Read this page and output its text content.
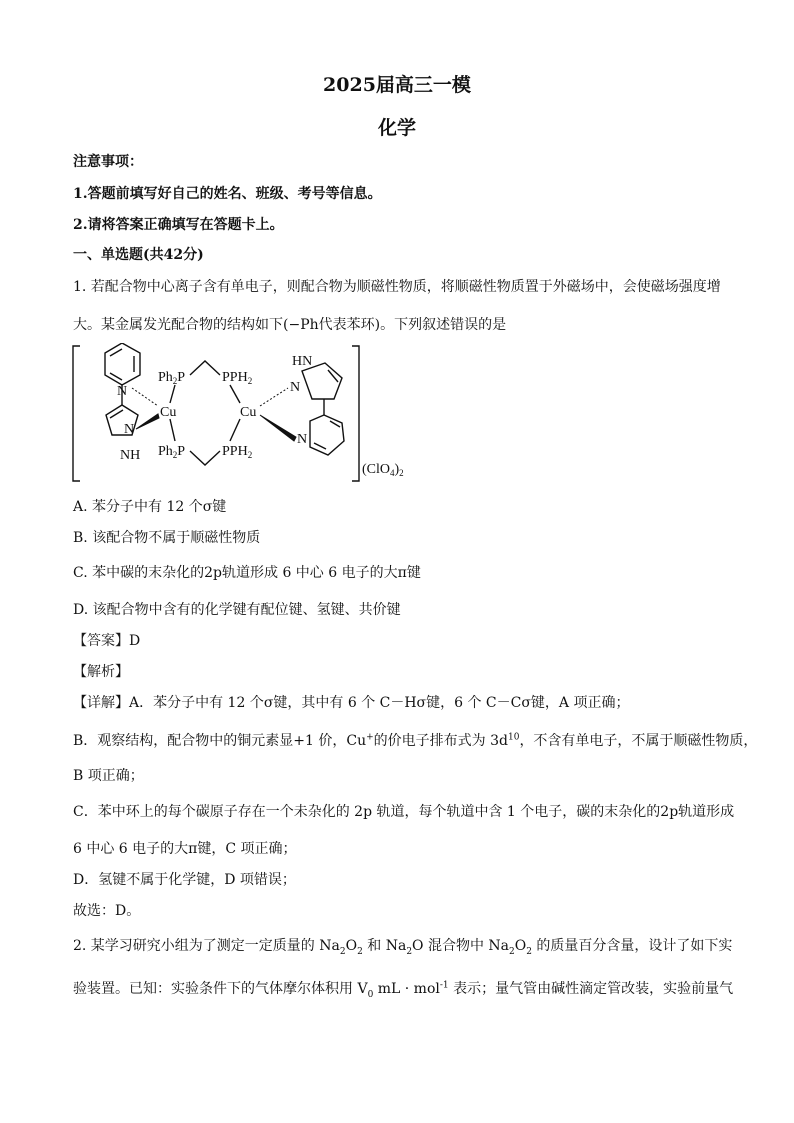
2025届高三一模
化学
注意事项：
1.答题前填写好自己的姓名、班级、考号等信息。
2.请将答案正确填写在答题卡上。
一、单选题(共42分)
1. 若配合物中心离子含有单电子，则配合物为顺磁性物质，将顺磁性物质置于外磁场中，会使磁场强度增
大。某金属发光配合物的结构如下(−Ph代表苯环)。下列叙述错误的是
N
N
NH
Cu
$Ph_2P$
$Ph_2P$
$PPH_2$
$PPH_2$
Cu
HN
N
N
$(ClO_4)_2$
A. 苯分子中有 12 个σ键
B. 该配合物不属于顺磁性物质
C. 苯中碳的末杂化的2p轨道形成 6 中心 6 电子的大π键
D. 该配合物中含有的化学键有配位键、氢键、共价键
【答案】D
【解析】
【详解】A．苯分子中有 12 个σ键，其中有 6 个 C－Hσ键，6 个 C－Cσ键，A 项正确；
B．观察结构，配合物中的铜元素显+1 价，Cu+的价电子排布式为 $3d^{10}$，不含有单电子，不属于顺磁性物质，
B 项正确；
C．苯中环上的每个碳原子存在一个未杂化的 2p 轨道，每个轨道中含 1 个电子，碳的末杂化的2p轨道形成
6 中心 6 电子的大π键，C 项正确；
D．氢键不属于化学键，D 项错误；
故选：D。
2. 某学习研究小组为了测定一定质量的 $Na_2O_2$ 和 $Na_2O$ 混合物中 $Na_2O_2$ 的质量百分含量，设计了如下实
验装置。已知：实验条件下的气体摩尔体积用 $V_0$ mL · mol$^{-1}$ 表示；量气管由碱性滴定管改装，实验前量气
